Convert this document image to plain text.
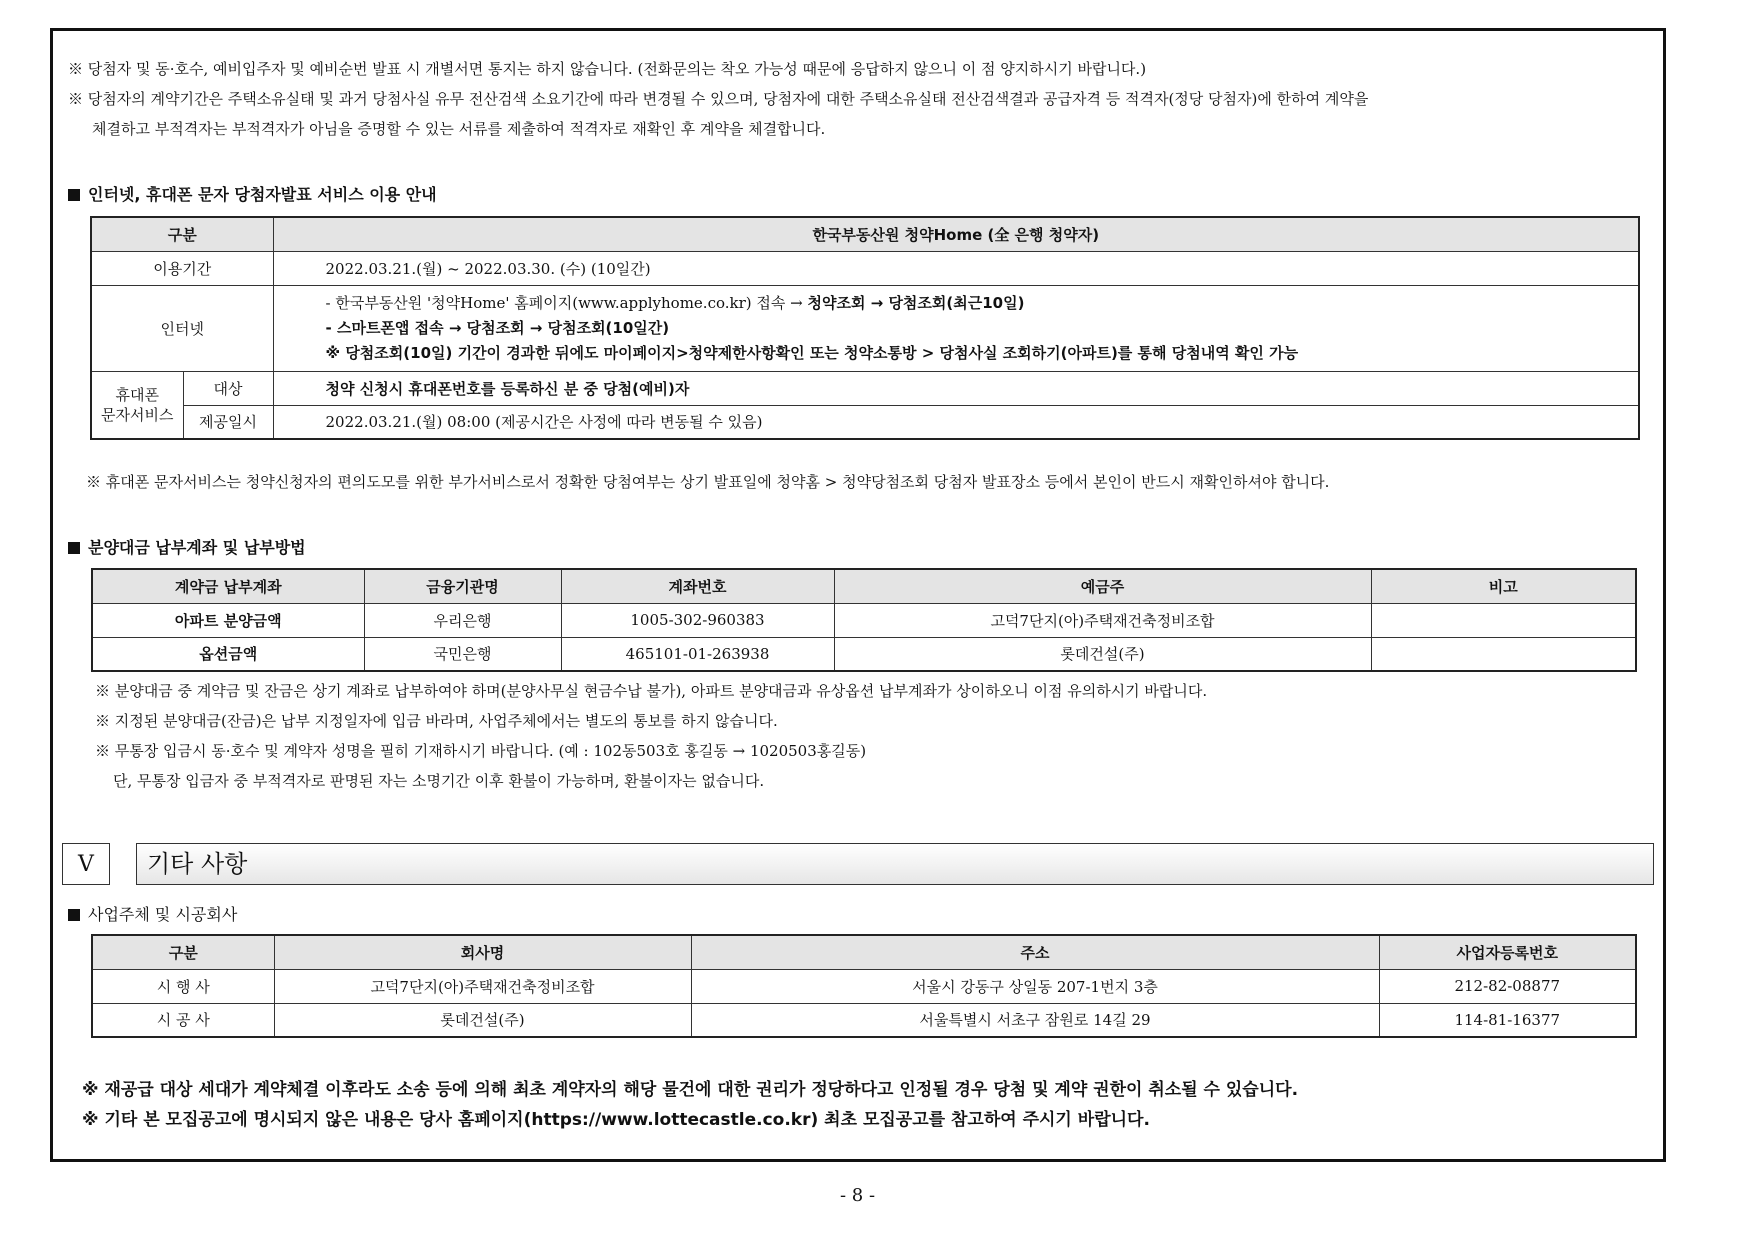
※ 당첨자 및 동·호수, 예비입주자 및 예비순번 발표 시 개별서면 통지는 하지 않습니다. (전화문의는 착오 가능성 때문에 응답하지 않으니 이 점 양지하시기 바랍니다.)
※ 당첨자의 계약기간은 주택소유실태 및 과거 당첨사실 유무 전산검색 소요기간에 따라 변경될 수 있으며, 당첨자에 대한 주택소유실태 전산검색결과 공급자격 등 적격자(정당 당첨자)에 한하여 계약을
체결하고 부적격자는 부적격자가 아님을 증명할 수 있는 서류를 제출하여 적격자로 재확인 후 계약을 체결합니다.
인터넷, 휴대폰 문자 당첨자발표 서비스 이용 안내
구분		한국부동산원 청약Home (全 은행 청약자)
이용기간		2022.03.21.(월) ~ 2022.03.30. (수) (10일간)
인터넷		- 한국부동산원 '청약Home' 홈페이지(www.applyhome.co.kr) 접속 → 청약조회 → 당첨조회(최근10일)
- 스마트폰앱 접속 → 당첨조회 → 당첨조회(10일간)
※ 당첨조회(10일) 기간이 경과한 뒤에도 마이페이지>청약제한사항확인 또는 청약소통방 > 당첨사실 조회하기(아파트)를 통해 당첨내역 확인 가능

휴대폰
문자서비스	대상	청약 신청시 휴대폰번호를 등록하신 분 중 당첨(예비)자
	제공일시	2022.03.21.(월) 08:00 (제공시간은 사정에 따라 변동될 수 있음)
※ 휴대폰 문자서비스는 청약신청자의 편의도모를 위한 부가서비스로서 정확한 당첨여부는 상기 발표일에 청약홈 > 청약당첨조회 당첨자 발표장소 등에서 본인이 반드시 재확인하셔야 합니다.
분양대금 납부계좌 및 납부방법
계약금 납부계좌	금융기관명	계좌번호	예금주	비고
아파트 분양금액	우리은행	1005-302-960383	고덕7단지(아)주택재건축정비조합	
옵션금액	국민은행	465101-01-263938	롯데건설(주)	
※ 분양대금 중 계약금 및 잔금은 상기 계좌로 납부하여야 하며(분양사무실 현금수납 불가), 아파트 분양대금과 유상옵션 납부계좌가 상이하오니 이점 유의하시기 바랍니다.
※ 지정된 분양대금(잔금)은 납부 지정일자에 입금 바라며, 사업주체에서는 별도의 통보를 하지 않습니다.
※ 무통장 입금시 동·호수 및 계약자 성명을 필히 기재하시기 바랍니다. (예 : 102동503호 홍길동 → 1020503홍길동)
단, 무통장 입금자 중 부적격자로 판명된 자는 소명기간 이후 환불이 가능하며, 환불이자는 없습니다.
V	기타 사항
사업주체 및 시공회사
구분	회사명	주소	사업자등록번호
시 행 사	고덕7단지(아)주택재건축정비조합	서울시 강동구 상일동 207-1번지 3층	212-82-08877
시 공 사	롯데건설(주)	서울특별시 서초구 잠원로 14길 29	114-81-16377
※ 재공급 대상 세대가 계약체결 이후라도 소송 등에 의해 최초 계약자의 해당 물건에 대한 권리가 정당하다고 인정될 경우 당첨 및 계약 권한이 취소될 수 있습니다.
※ 기타 본 모집공고에 명시되지 않은 내용은 당사 홈페이지(https://www.lottecastle.co.kr) 최초 모집공고를 참고하여 주시기 바랍니다.
- 8 -
